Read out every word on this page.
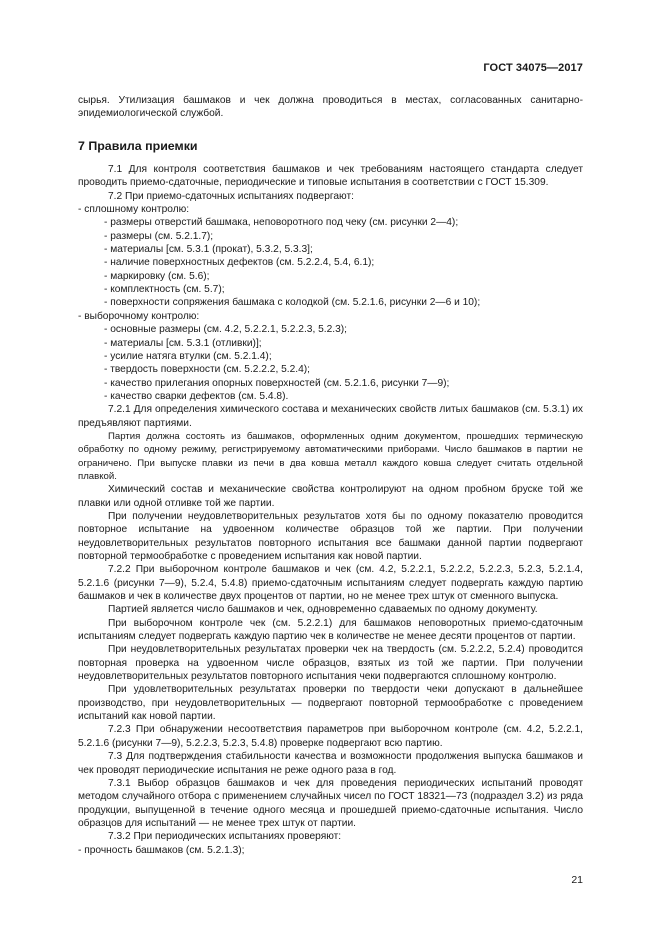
ГОСТ 34075—2017

сырья. Утилизация башмаков и чек должна проводиться в местах, согласованных санитарно-эпидемиологической службой.

7 Правила приемки

7.1 Для контроля соответствия башмаков и чек требованиям настоящего стандарта следует проводить приемо-сдаточные, периодические и типовые испытания в соответствии с ГОСТ 15.309.

7.2 При приемо-сдаточных испытаниях подвергают:

- сплошному контролю:

- размеры отверстий башмака, неповоротного под чеку (см. рисунки 2—4);

- размеры (см. 5.2.1.7);

- материалы [см. 5.3.1 (прокат), 5.3.2, 5.3.3];

- наличие поверхностных дефектов (см. 5.2.2.4, 5.4, 6.1);

- маркировку (см. 5.6);

- комплектность (см. 5.7);

- поверхности сопряжения башмака с колодкой (см. 5.2.1.6, рисунки 2—6 и 10);

- выборочному контролю:

- основные размеры (см. 4.2, 5.2.2.1, 5.2.2.3, 5.2.3);

- материалы [см. 5.3.1 (отливки)];

- усилие натяга втулки (см. 5.2.1.4);

- твердость поверхности (см. 5.2.2.2, 5.2.4);

- качество прилегания опорных поверхностей (см. 5.2.1.6, рисунки 7—9);

- качество сварки дефектов (см. 5.4.8).

7.2.1 Для определения химического состава и механических свойств литых башмаков (см. 5.3.1) их предъявляют партиями.

Партия должна состоять из башмаков, оформленных одним документом, прошедших термическую обработку по одному режиму, регистрируемому автоматическими приборами. Число башмаков в партии не ограничено. При выпуске плавки из печи в два ковша металл каждого ковша следует считать отдельной плавкой.

Химический состав и механические свойства контролируют на одном пробном бруске той же плавки или одной отливке той же партии.

При получении неудовлетворительных результатов хотя бы по одному показателю проводится повторное испытание на удвоенном количестве образцов той же партии. При получении неудовлетворительных результатов повторного испытания все башмаки данной партии подвергают повторной термообработке с проведением испытания как новой партии.

7.2.2 При выборочном контроле башмаков и чек (см. 4.2, 5.2.2.1, 5.2.2.2, 5.2.2.3, 5.2.3, 5.2.1.4, 5.2.1.6 (рисунки 7—9), 5.2.4, 5.4.8) приемо-сдаточным испытаниям следует подвергать каждую партию башмаков и чек в количестве двух процентов от партии, но не менее трех штук от сменного выпуска.

Партией является число башмаков и чек, одновременно сдаваемых по одному документу.

При выборочном контроле чек (см. 5.2.2.1) для башмаков неповоротных приемо-сдаточным испытаниям следует подвергать каждую партию чек в количестве не менее десяти процентов от партии.

При неудовлетворительных результатах проверки чек на твердость (см. 5.2.2.2, 5.2.4) проводится повторная проверка на удвоенном числе образцов, взятых из той же партии. При получении неудовлетворительных результатов повторного испытания чеки подвергаются сплошному контролю.

При удовлетворительных результатах проверки по твердости чеки допускают в дальнейшее производство, при неудовлетворительных — подвергают повторной термообработке с проведением испытаний как новой партии.

7.2.3 При обнаружении несоответствия параметров при выборочном контроле (см. 4.2, 5.2.2.1, 5.2.1.6 (рисунки 7—9), 5.2.2.3, 5.2.3, 5.4.8) проверке подвергают всю партию.

7.3 Для подтверждения стабильности качества и возможности продолжения выпуска башмаков и чек проводят периодические испытания не реже одного раза в год.

7.3.1 Выбор образцов башмаков и чек для проведения периодических испытаний проводят методом случайного отбора с применением случайных чисел по ГОСТ 18321—73 (подраздел 3.2) из ряда продукции, выпущенной в течение одного месяца и прошедшей приемо-сдаточные испытания. Число образцов для испытаний — не менее трех штук от партии.

7.3.2 При периодических испытаниях проверяют:

- прочность башмаков (см. 5.2.1.3);

21
